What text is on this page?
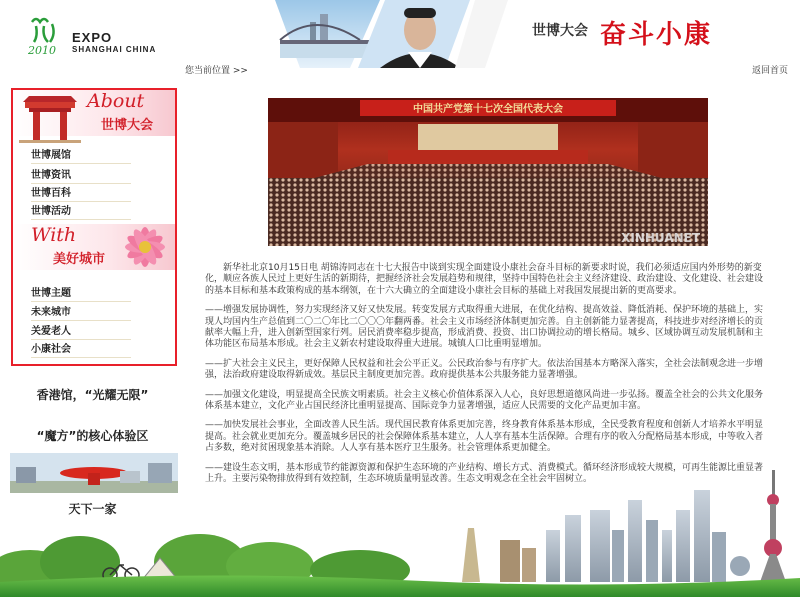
2010
EXPO
SHANGHAI CHINA
世博大会 奋斗小康
您当前位置 >>	返回首页
About
世博大会
世博展馆
世博资讯
世博百科
世博活动
With
美好城市
世博主题
未来城市
关爱老人
小康社会
香港馆，“光耀无限”
“魔方”的核心体验区
天下一家
中国共产党第十七次全国代表大会
XINHUANET

新华社北京10月15日电 胡锦涛同志在十七大报告中谈到实现全面建设小康社会奋斗目标的新要求时说，我们必须适应国内外形势的新变化，顺应各族人民过上更好生活的新期待，把握经济社会发展趋势和规律，坚持中国特色社会主义经济建设、政治建设、文化建设、社会建设的基本目标和基本政策构成的基本纲领，在十六大确立的全面建设小康社会目标的基础上对我国发展提出新的更高要求。

——增强发展协调性，努力实现经济又好又快发展。转变发展方式取得重大进展，在优化结构、提高效益、降低消耗、保护环境的基础上，实现人均国内生产总值到二〇二〇年比二〇〇〇年翻两番。社会主义市场经济体制更加完善。自主创新能力显著提高，科技进步对经济增长的贡献率大幅上升，进入创新型国家行列。居民消费率稳步提高，形成消费、投资、出口协调拉动的增长格局。城乡、区域协调互动发展机制和主体功能区布局基本形成。社会主义新农村建设取得重大进展。城镇人口比重明显增加。

——扩大社会主义民主，更好保障人民权益和社会公平正义。公民政治参与有序扩大。依法治国基本方略深入落实，全社会法制观念进一步增强，法治政府建设取得新成效。基层民主制度更加完善。政府提供基本公共服务能力显著增强。

——加强文化建设，明显提高全民族文明素质。社会主义核心价值体系深入人心，良好思想道德风尚进一步弘扬。覆盖全社会的公共文化服务体系基本建立，文化产业占国民经济比重明显提高、国际竞争力显著增强，适应人民需要的文化产品更加丰富。

——加快发展社会事业，全面改善人民生活。现代国民教育体系更加完善，终身教育体系基本形成，全民受教育程度和创新人才培养水平明显提高。社会就业更加充分。覆盖城乡居民的社会保障体系基本建立，人人享有基本生活保障。合理有序的收入分配格局基本形成，中等收入者占多数，绝对贫困现象基本消除。人人享有基本医疗卫生服务。社会管理体系更加健全。

——建设生态文明，基本形成节约能源资源和保护生态环境的产业结构、增长方式、消费模式。循环经济形成较大规模，可再生能源比重显著上升。主要污染物排放得到有效控制，生态环境质量明显改善。生态文明观念在全社会牢固树立。
